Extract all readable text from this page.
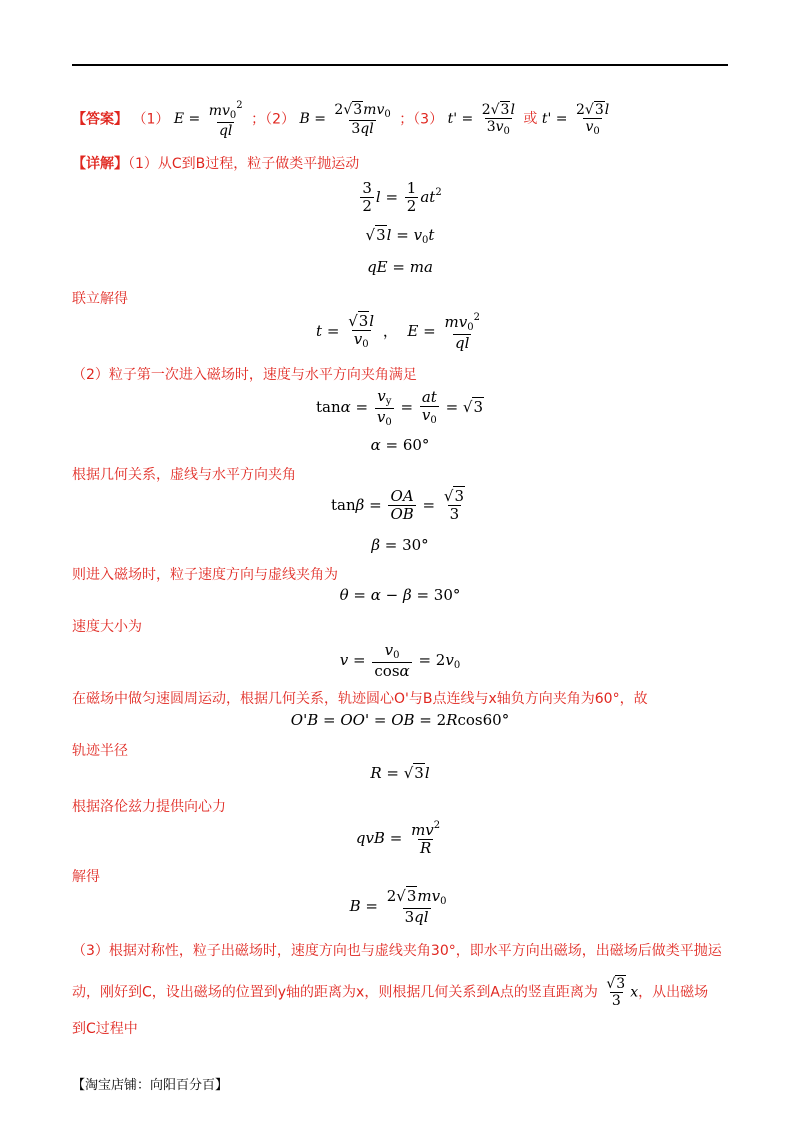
【答案】 （1） $E = \frac{mv_0^2}{ql}$ ；（2） $B = \frac{2√3mv_0}{3ql}$ ；（3） $t' = \frac{2√3l}{3v_0}$ 或 $t' = \frac{2√3l}{v_0}$
【详解】（1）从C到B过程，粒子做类平抛运动
$\frac{3}{2}$ $l = \frac{1}{2} at^2$
$√3l = v_0t$
qE = ma
联立解得
$t = \frac{√3l}{v_0}$ ，  $E = \frac{mv_0^2}{ql}$
（2）粒子第一次进入磁场时，速度与水平方向夹角满足
$\tan\alpha = \frac{v_y}{v_0} = \frac{at}{v_0} = √3$
α = 60°
根据几何关系，虚线与水平方向夹角
$\tan\beta = \frac{OA}{OB} = \frac{√3}{3}$
β = 30°
则进入磁场时，粒子速度方向与虚线夹角为
θ = α − β = 30°
速度大小为
$v = \frac{v_0}{\cos\alpha} = 2v_0$
在磁场中做匀速圆周运动，根据几何关系，轨迹圆心O'与B点连线与x轴负方向夹角为60°，故
O'B = OO' = OB = 2Rcos60°
轨迹半径
R = √3l
根据洛伦兹力提供向心力
qvB = $\frac{mv^2}{R}$
解得
$B = \frac{2√3mv_0}{3ql}$
（3）根据对称性，粒子出磁场时，速度方向也与虚线夹角30°，即水平方向出磁场，出磁场后做类平抛运
动，刚好到C，设出磁场的位置到y轴的距离为x，则根据几何关系到A点的竖直距离为 $\frac{√3}{3}$ x，从出磁场
到C过程中
【淘宝店铺：向阳百分百】
